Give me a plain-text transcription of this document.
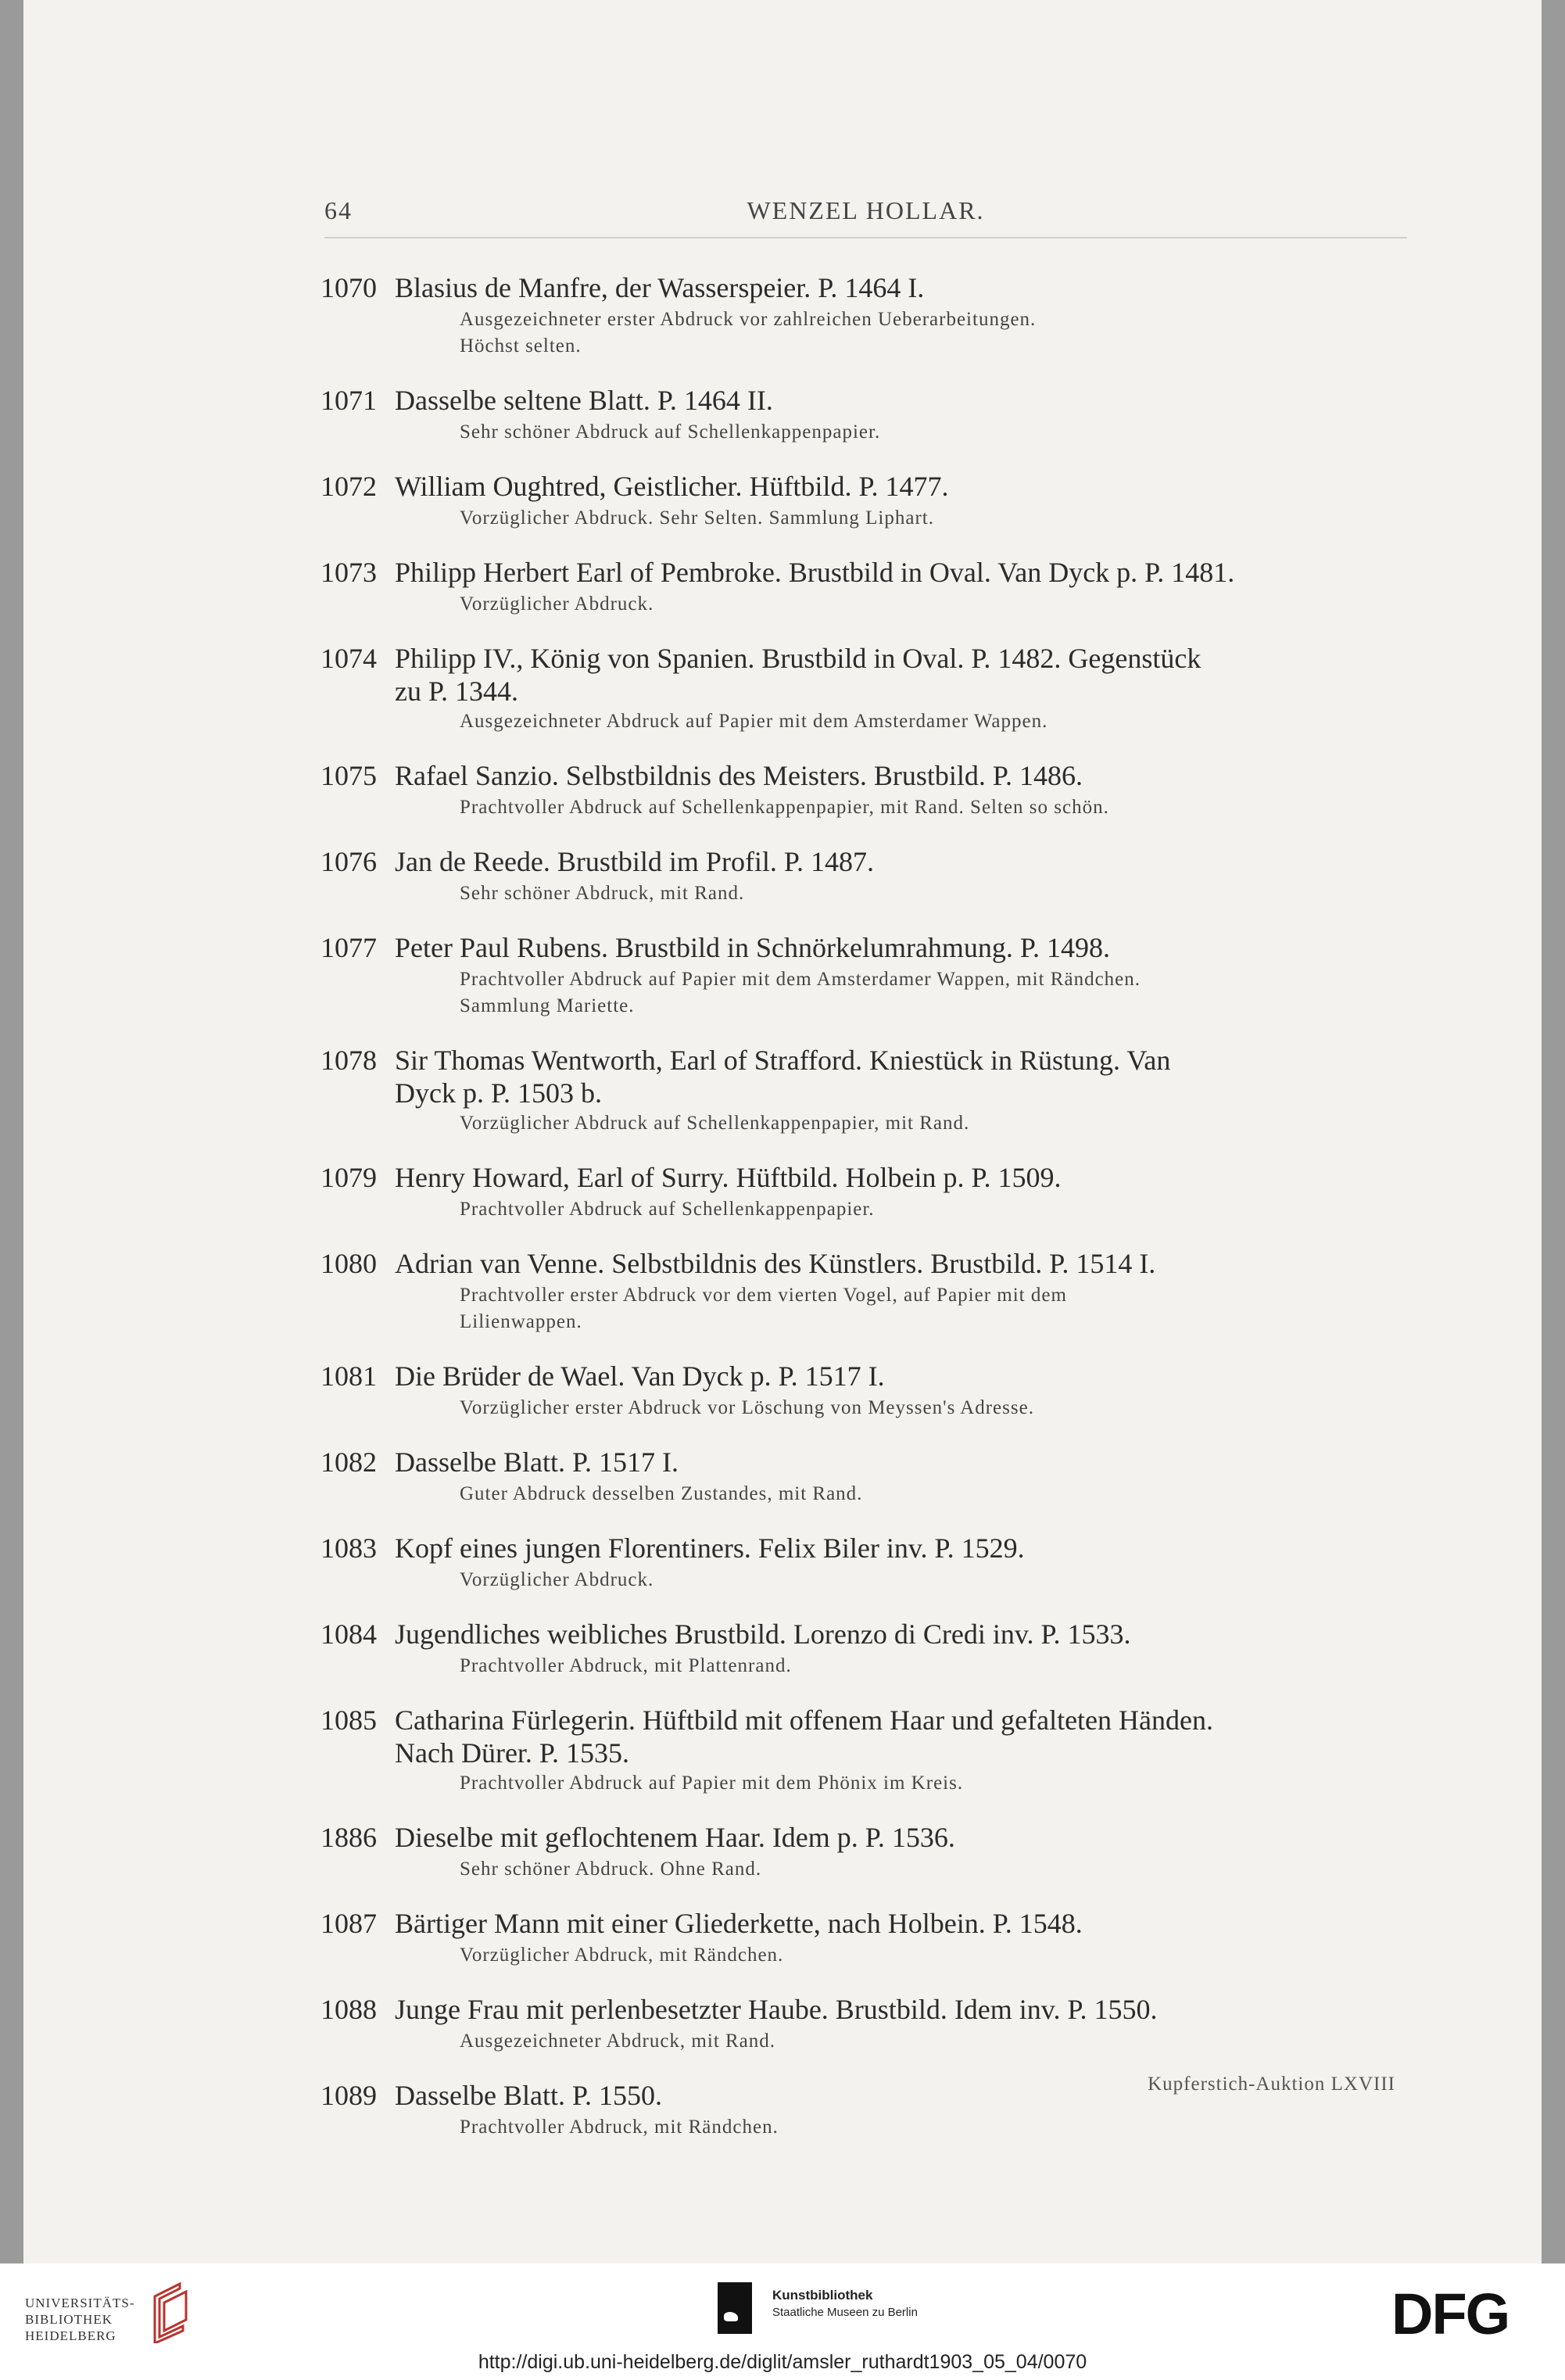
64	WENZEL HOLLAR.
1070 Blasius de Manfre, der Wasserspeier. P. 1464 I.
Ausgezeichneter erster Abdruck vor zahlreichen Ueberarbeitungen.
Höchst selten.
1071 Dasselbe seltene Blatt. P. 1464 II.
Sehr schöner Abdruck auf Schellenkappenpapier.
1072 William Oughtred, Geistlicher. Hüftbild. P. 1477.
Vorzüglicher Abdruck. Sehr Selten. Sammlung Liphart.
1073 Philipp Herbert Earl of Pembroke. Brustbild in Oval. Van Dyck p. P. 1481.
Vorzüglicher Abdruck.
1074 Philipp IV., König von Spanien. Brustbild in Oval. P. 1482. Gegenstück
zu P. 1344.
Ausgezeichneter Abdruck auf Papier mit dem Amsterdamer Wappen.
1075 Rafael Sanzio. Selbstbildnis des Meisters. Brustbild. P. 1486.
Prachtvoller Abdruck auf Schellenkappenpapier, mit Rand. Selten so schön.
1076 Jan de Reede. Brustbild im Profil. P. 1487.
Sehr schöner Abdruck, mit Rand.
1077 Peter Paul Rubens. Brustbild in Schnörkelumrahmung. P. 1498.
Prachtvoller Abdruck auf Papier mit dem Amsterdamer Wappen, mit Rändchen.
Sammlung Mariette.
1078 Sir Thomas Wentworth, Earl of Strafford. Kniestück in Rüstung. Van
Dyck p. P. 1503 b.
Vorzüglicher Abdruck auf Schellenkappenpapier, mit Rand.
1079 Henry Howard, Earl of Surry. Hüftbild. Holbein p. P. 1509.
Prachtvoller Abdruck auf Schellenkappenpapier.
1080 Adrian van Venne. Selbstbildnis des Künstlers. Brustbild. P. 1514 I.
Prachtvoller erster Abdruck vor dem vierten Vogel, auf Papier mit dem
Lilienwappen.
1081 Die Brüder de Wael. Van Dyck p. P. 1517 I.
Vorzüglicher erster Abdruck vor Löschung von Meyssen's Adresse.
1082 Dasselbe Blatt. P. 1517 I.
Guter Abdruck desselben Zustandes, mit Rand.
1083 Kopf eines jungen Florentiners. Felix Biler inv. P. 1529.
Vorzüglicher Abdruck.
1084 Jugendliches weibliches Brustbild. Lorenzo di Credi inv. P. 1533.
Prachtvoller Abdruck, mit Plattenrand.
1085 Catharina Fürlegerin. Hüftbild mit offenem Haar und gefalteten Händen.
Nach Dürer. P. 1535.
Prachtvoller Abdruck auf Papier mit dem Phönix im Kreis.
1886 Dieselbe mit geflochtenem Haar. Idem p. P. 1536.
Sehr schöner Abdruck. Ohne Rand.
1087 Bärtiger Mann mit einer Gliederkette, nach Holbein. P. 1548.
Vorzüglicher Abdruck, mit Rändchen.
1088 Junge Frau mit perlenbesetzter Haube. Brustbild. Idem inv. P. 1550.
Ausgezeichneter Abdruck, mit Rand.
1089 Dasselbe Blatt. P. 1550.
Prachtvoller Abdruck, mit Rändchen.
Kupferstich-Auktion LXVIII
UNIVERSITÄTS-
BIBLIOTHEK
HEIDELBERG
Kunstbibliothek
Staatliche Museen zu Berlin	DFG
http://digi.ub.uni-heidelberg.de/diglit/amsler_ruthardt1903_05_04/0070
